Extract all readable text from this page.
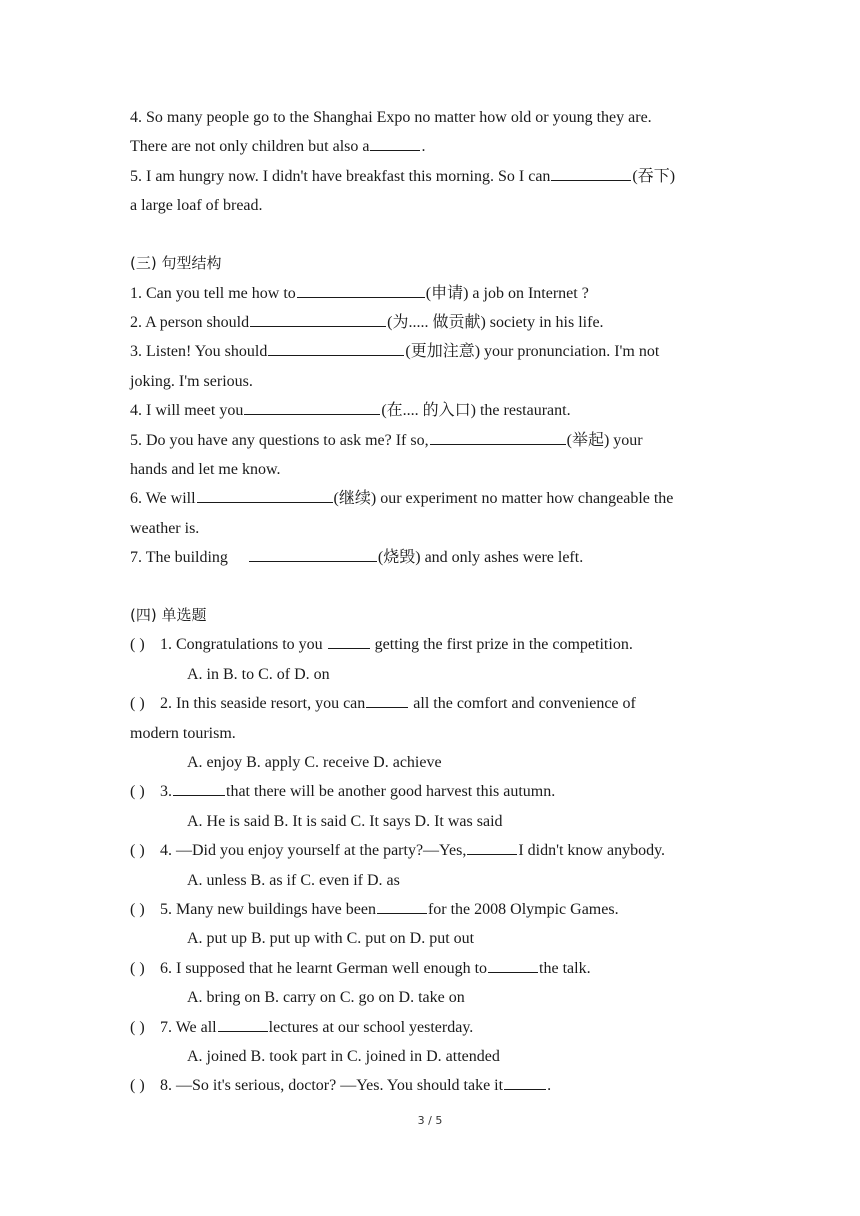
4. So many people go to the Shanghai Expo no matter how old or young they are.
There are not only children but also a	.
5. I am hungry now. I didn't have breakfast this morning. So I can	(吞下)
a large loaf of bread.
(三) 句型结构
1. Can you tell me how to	(申请) a job on Internet ?
2. A person should	(为..... 做贡献) society in his life.
3. Listen! You should	(更加注意) your pronunciation. I'm not
joking. I'm serious.
4. I will meet you	(在.... 的入口) the restaurant.
5. Do you have any questions to ask me? If so,	(举起) your
hands and let me know.
6. We will	(继续) our experiment no matter how changeable the
weather is.
7. The building	(烧毁) and only ashes were left.
(四) 单选题
( ) 1. Congratulations to you	getting the first prize in the competition.
A. in B. to C. of D. on
( ) 2. In this seaside resort, you can	all the comfort and convenience of
modern tourism.
A. enjoy B. apply C. receive D. achieve
( ) 3.	that there will be another good harvest this autumn.
A. He is said B. It is said C. It says D. It was said
( ) 4. —Did you enjoy yourself at the party?—Yes,	I didn't know anybody.
A. unless B. as if C. even if D. as
( ) 5. Many new buildings have been	for the 2008 Olympic Games.
A. put up B. put up with C. put on D. put out
( ) 6. I supposed that he learnt German well enough to	the talk.
A. bring on B. carry on C. go on D. take on
( ) 7. We all	lectures at our school yesterday.
A. joined B. took part in C. joined in D. attended
( ) 8. —So it's serious, doctor? —Yes. You should take it	.
3 / 5
